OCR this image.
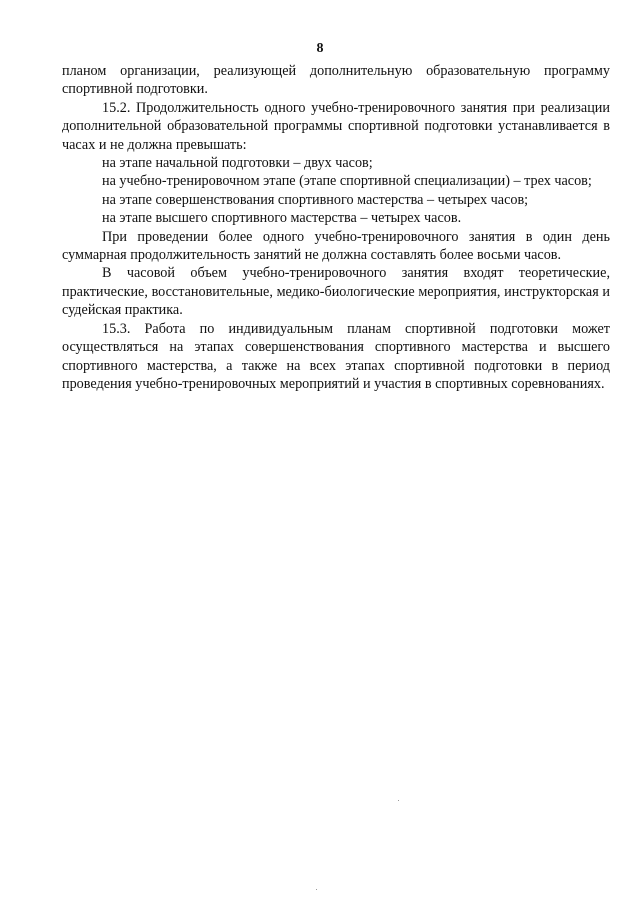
8

планом организации, реализующей дополнительную образовательную программу спортивной подготовки.

15.2. Продолжительность одного учебно-тренировочного занятия при реализации дополнительной образовательной программы спортивной подготовки устанавливается в часах и не должна превышать:

на этапе начальной подготовки – двух часов;

на учебно-тренировочном этапе (этапе спортивной специализации) – трех часов;

на этапе совершенствования спортивного мастерства – четырех часов;

на этапе высшего спортивного мастерства – четырех часов.

При проведении более одного учебно-тренировочного занятия в один день суммарная продолжительность занятий не должна составлять более восьми часов.

В часовой объем учебно-тренировочного занятия входят теоретические, практические, восстановительные, медико-биологические мероприятия, инструкторская и судейская практика.

15.3. Работа по индивидуальным планам спортивной подготовки может осуществляться на этапах совершенствования спортивного мастерства и высшего спортивного мастерства, а также на всех этапах спортивной подготовки в период проведения учебно-тренировочных мероприятий и участия в спортивных соревнованиях.
